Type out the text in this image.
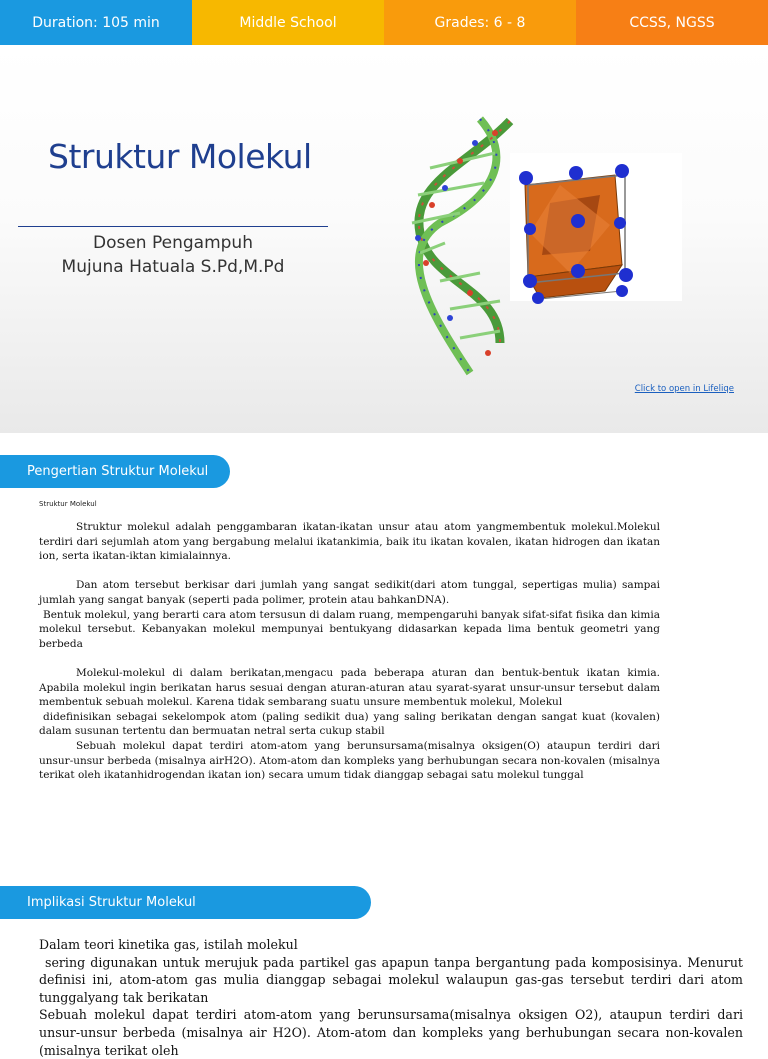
Duration: 105 min	Middle School	Grades: 6 - 8	CCSS, NGSS
Struktur Molekul
Dosen Pengampuh
Mujuna Hatuala S.Pd,M.Pd
Click to open in Lifeliqe
Pengertian Struktur Molekul
Struktur Molekul

Struktur molekul adalah penggambaran ikatan-ikatan unsur atau atom yangmembentuk molekul.Molekul terdiri dari sejumlah atom yang bergabung melalui ikatankimia, baik itu ikatan kovalen, ikatan hidrogen dan ikatan ion, serta ikatan-iktan kimialainnya.

Dan atom tersebut berkisar dari jumlah yang sangat sedikit(dari atom tunggal, sepertigas mulia) sampai jumlah yang sangat banyak (seperti pada polimer, protein atau bahkanDNA).

Bentuk molekul, yang berarti cara atom tersusun di dalam ruang, mempengaruhi banyak sifat-sifat fisika dan kimia molekul tersebut. Kebanyakan molekul mempunyai bentukyang didasarkan kepada lima bentuk geometri yang berbeda

Molekul-molekul di dalam berikatan,mengacu pada beberapa aturan dan bentuk-bentuk ikatan kimia. Apabila molekul ingin berikatan harus sesuai dengan aturan-aturan atau syarat-syarat unsur-unsur tersebut dalam membentuk sebuah molekul. Karena tidak sembarang suatu unsure membentuk molekul, Molekul

didefinisikan sebagai sekelompok atom (paling sedikit dua) yang saling berikatan dengan sangat kuat (kovalen) dalam susunan tertentu dan bermuatan netral serta cukup stabil

Sebuah molekul dapat terdiri atom-atom yang berunsursama(misalnya oksigen(O) ataupun terdiri dari unsur-unsur berbeda (misalnya airH2O). Atom-atom dan kompleks yang berhubungan secara non-kovalen (misalnya terikat oleh ikatanhidrogendan ikatan ion) secara umum tidak dianggap sebagai satu molekul tunggal

Implikasi Struktur Molekul

Dalam teori kinetika gas, istilah molekul

sering digunakan untuk merujuk pada partikel gas apapun tanpa bergantung pada komposisinya. Menurut definisi ini, atom-atom gas mulia dianggap sebagai molekul walaupun gas-gas tersebut terdiri dari atom tunggalyang tak berikatan

Sebuah molekul dapat terdiri atom-atom yang berunsursama(misalnya oksigen O2), ataupun terdiri dari unsur-unsur berbeda (misalnya air H2O). Atom-atom dan kompleks yang berhubungan secara non-kovalen (misalnya terikat oleh
